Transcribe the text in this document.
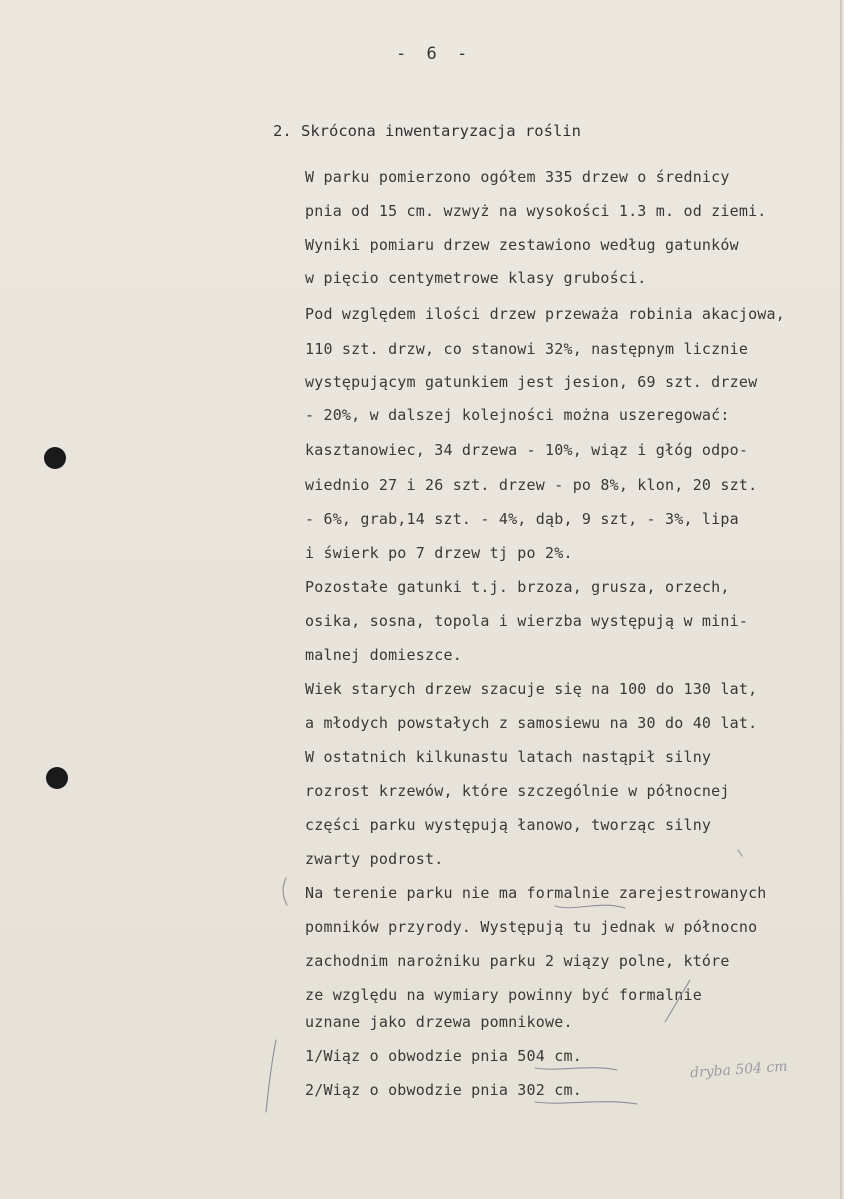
- 6 -
2. Skrócona inwentaryzacja roślin
W parku pomierzono ogółem 335 drzew o średnicy
pnia od 15 cm. wzwyż na wysokości 1.3 m. od ziemi.
Wyniki pomiaru drzew zestawiono według gatunków
w pięcio centymetrowe klasy grubości.
Pod względem ilości drzew przeważa robinia akacjowa,
110 szt. drzw, co stanowi 32%, następnym licznie
występującym gatunkiem jest jesion, 69 szt. drzew
- 20%, w dalszej kolejności można uszeregować:
kasztanowiec, 34 drzewa - 10%, wiąz i głóg odpo-
wiednio 27 i 26 szt. drzew - po 8%, klon, 20 szt.
- 6%, grab,14 szt. - 4%, dąb, 9 szt, - 3%, lipa
i świerk po 7 drzew tj po 2%.
Pozostałe gatunki t.j. brzoza, grusza, orzech,
osika, sosna, topola i wierzba występują w mini-
malnej domieszce.
Wiek starych drzew szacuje się na 100 do 130 lat,
a młodych powstałych z samosiewu na 30 do 40 lat.
W ostatnich kilkunastu latach nastąpił silny
rozrost krzewów, które szczególnie w północnej
części parku występują łanowo, tworząc silny
zwarty podrost.
Na terenie parku nie ma formalnie zarejestrowanych
pomników przyrody. Występują tu jednak w północno
zachodnim narożniku parku 2 wiązy polne, które
ze względu na wymiary powinny być formalnie
uznane jako drzewa pomnikowe.
1/Wiąz o obwodzie pnia 504 cm.
2/Wiąz o obwodzie pnia 302 cm.
dryba 504 cm
